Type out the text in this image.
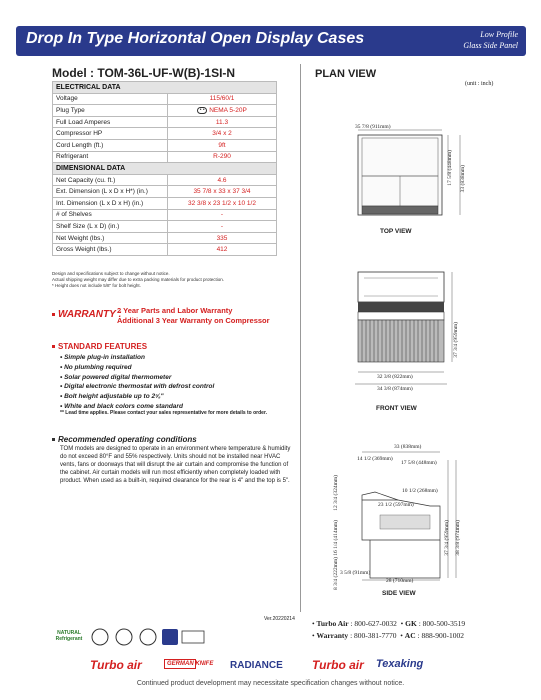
Drop In Type Horizontal Open Display Cases	Low Profile
Glass Side Panel
Model : TOM-36L-UF-W(B)-1SI-N	PLAN VIEW
(unit : inch)
ELECTRICAL DATA	
Voltage	115/60/1
Plug Type	• • NEMA 5-20P
Full Load Amperes	11.3
Compressor HP	3/4 x 2
Cord Length (ft.)	9ft
Refrigerant	R-290
DIMENSIONAL DATA	
Net Capacity (cu. ft.)	4.6
Ext. Dimension (L x D x H*) (in.)	35 7/8 x 33 x 37 3/4
Int. Dimension (L x D x H) (in.)	32 3/8 x 23 1/2 x 10 1/2
# of Shelves	-
Shelf Size (L x D) (in.)	-
Net Weight (lbs.)	335
Gross Weight (lbs.)	412
Design and specifications subject to change without notice.
Actual shipping weight may differ due to extra packing materials for product protection.
* Height does not include 5/8" for bolt height.
WARRANTY :
2 Year Parts and Labor Warranty
Additional 3 Year Warranty on Compressor
STANDARD FEATURES
• Simple plug-in installation
• No plumbing required
• Solar powered digital thermometer
• Digital electronic thermostat with defrost control
• Bolt height adjustable up to 2⅝"
• White and black colors come standard
** Lead time applies. Please contact your sales representative for more details to order.
Recommended operating conditions
TOM models are designed to operate in an environment where temperature & humidity do not exceed 80°F and 55% respectively. Units should not be installed near HVAC vents, fans or doorways that will disrupt the air curtain and compromise the function of the cabinet. Air curtain models will run most efficiently when completely loaded with product. When used as a built-in, required clearance for the rear is 4" and the top is 5".
35 7/8 (911mm)
17 5/8 (448mm) 33 (838mm)
TOP VIEW
37 3/4 (959mm)
32 3/8 (822mm)
34 3/8 (874mm)
FRONT VIEW
33 (838mm)
14 1/2 (369mm)
17 5/8 (448mm)
10 1/2 (268mm)
23 1/2 (597mm)
12 3/4 (324mm)
16 1/4 (414mm)
8 3/4 (222mm) 3 5/8 (91mm)
28 (710mm)
37 3/4 (959mm) 38 3/8 (974mm)
SIDE VIEW
Ver.20220214 • Turbo Air : 800-627-0032  • GK : 800-500-3519
• Warranty : 800-381-7770  • AC : 888-900-1002
NATURAL
Refrigerant
Turbo air	GERMAN KNIFE RADIANCE Turbo air Texaking
Continued product development may necessitate specification changes without notice.
